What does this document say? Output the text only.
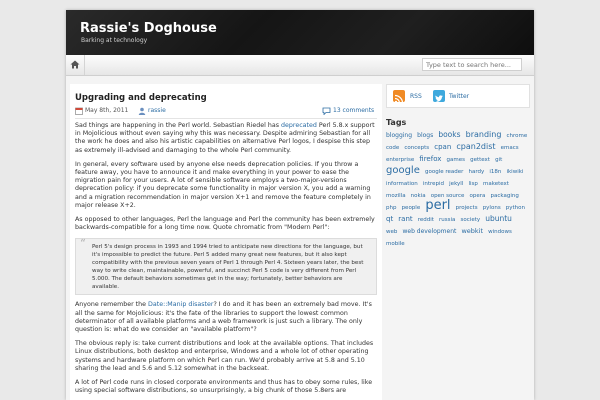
Rassie's Doghouse
Barking at technology
Type text to search here...
Upgrading and deprecating
May 8th, 2011	rassie	13 comments

Sad things are happening in the Perl world. Sebastian Riedel has deprecated Perl 5.8.x support in Mojolicious without even saying why this was necessary. Despite admiring Sebastian for all the work he does and also his artistic capabilities on alternative Perl logos, I despise this step as extremely ill-advised and damaging to the whole Perl community.

In general, every software used by anyone else needs deprecation policies. If you throw a feature away, you have to announce it and make everything in your power to ease the migration pain for your users. A lot of sensible software employs a two-major-versions deprecation policy: if you deprecate some functionality in major version X, you add a warning and a migration recommendation in major version X+1 and remove the feature completely in major release X+2.

As opposed to other languages, Perl the language and Perl the community has been extremely backwards-compatible for a long time now. Quote chromatic from "Modern Perl":

“ Perl 5's design process in 1993 and 1994 tried to anticipate new directions for the language, but it's impossible to predict the future. Perl 5 added many great new features, but it also kept compatibility with the previous seven years of Perl 1 through Perl 4. Sixteen years later, the best way to write clean, maintainable, powerful, and succinct Perl 5 code is very different from Perl 5.000. The default behaviors sometimes get in the way; fortunately, better behaviors are available.

Anyone remember the Date::Manip disaster? I do and it has been an extremely bad move. It's all the same for Mojolicious: it's the fate of the libraries to support the lowest common determinator of all available platforms and a web framework is just such a library. The only question is: what do we consider an "available platform"?

The obvious reply is: take current distributions and look at the available options. That includes Linux distributions, both desktop and enterprise, Windows and a whole lot of other operating systems and hardware platform on which Perl can run. We'd probably arrive at 5.8 and 5.10 sharing the lead and 5.6 and 5.12 somewhat in the backseat.

A lot of Perl code runs in closed corporate environments and thus has to obey some rules, like using special software distributions, so unsurprisingly, a big chunk of those 5.8ers are

RSS	Twitter
Tags
blogging blogs books branding chrome code concepts cpan cpan2dist emacs enterprise firefox games gettext git google google reader hardy i18n ikiwiki information intrepid jekyll lisp maketext mozilla nokia open source opera packaging php people perl projects pylons python qt rant reddit russia society ubuntu web web development webkit windows mobile
